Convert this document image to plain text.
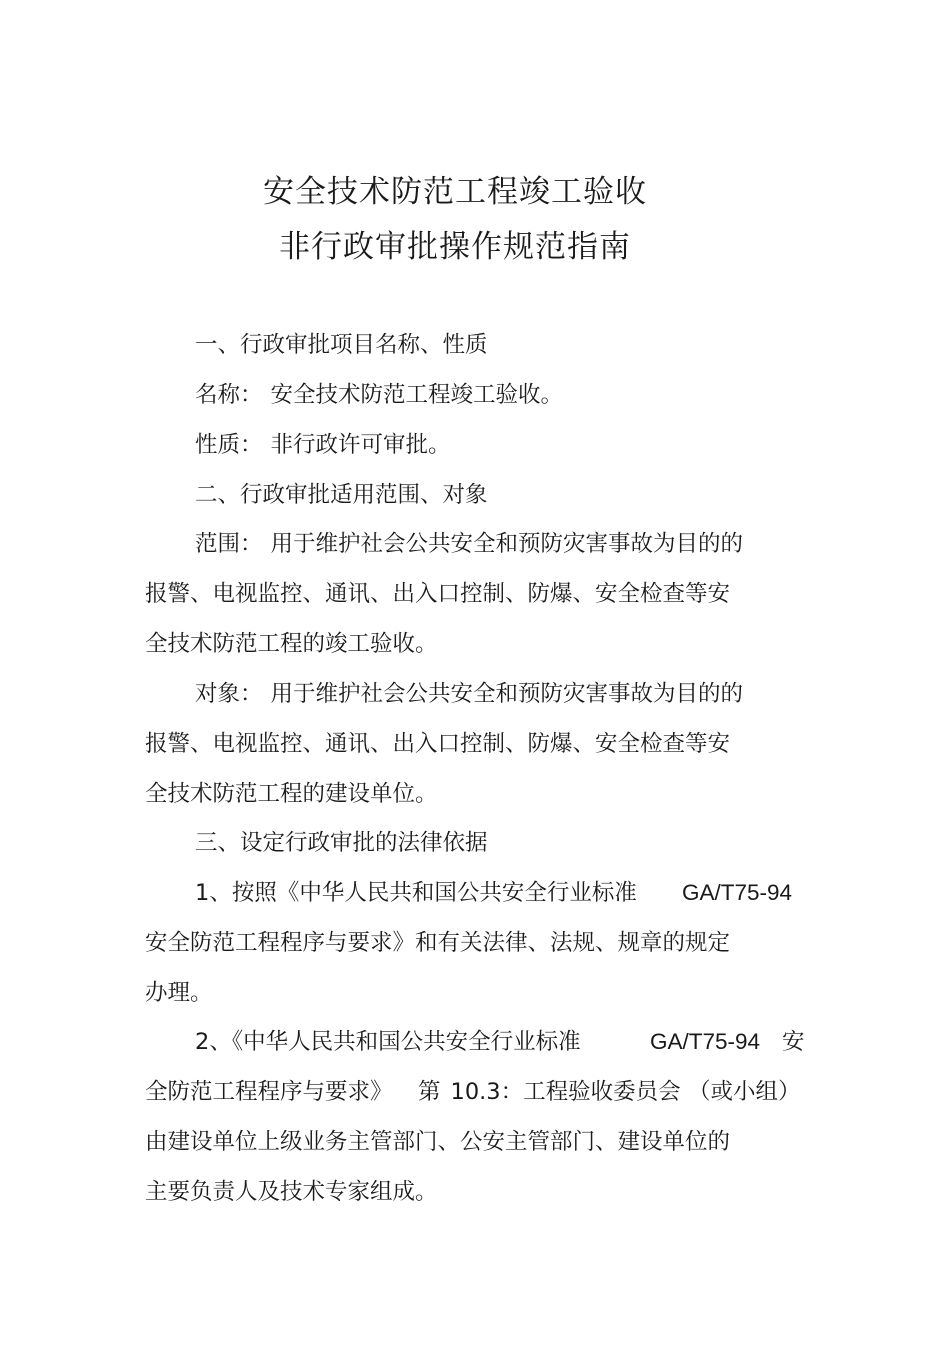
安全技术防范工程竣工验收
非行政审批操作规范指南
一、行政审批项目名称、性质
名称： 安全技术防范工程竣工验收。
性质： 非行政许可审批。
二、行政审批适用范围、对象
范围： 用于维护社会公共安全和预防灾害事故为目的的
报警、电视监控、通讯、出入口控制、防爆、安全检查等安
全技术防范工程的竣工验收。
对象： 用于维护社会公共安全和预防灾害事故为目的的
报警、电视监控、通讯、出入口控制、防爆、安全检查等安
全技术防范工程的建设单位。
三、设定行政审批的法律依据
1、按照《中华人民共和国公共安全行业标准 GA/T75-94
安全防范工程程序与要求》和有关法律、法规、规章的规定
办理。
2、《中华人民共和国公共安全行业标准	GA/T75-94 安
全防范工程程序与要求》 第 10.3：工程验收委员会 （或小组）
由建设单位上级业务主管部门、公安主管部门、建设单位的
主要负责人及技术专家组成。
